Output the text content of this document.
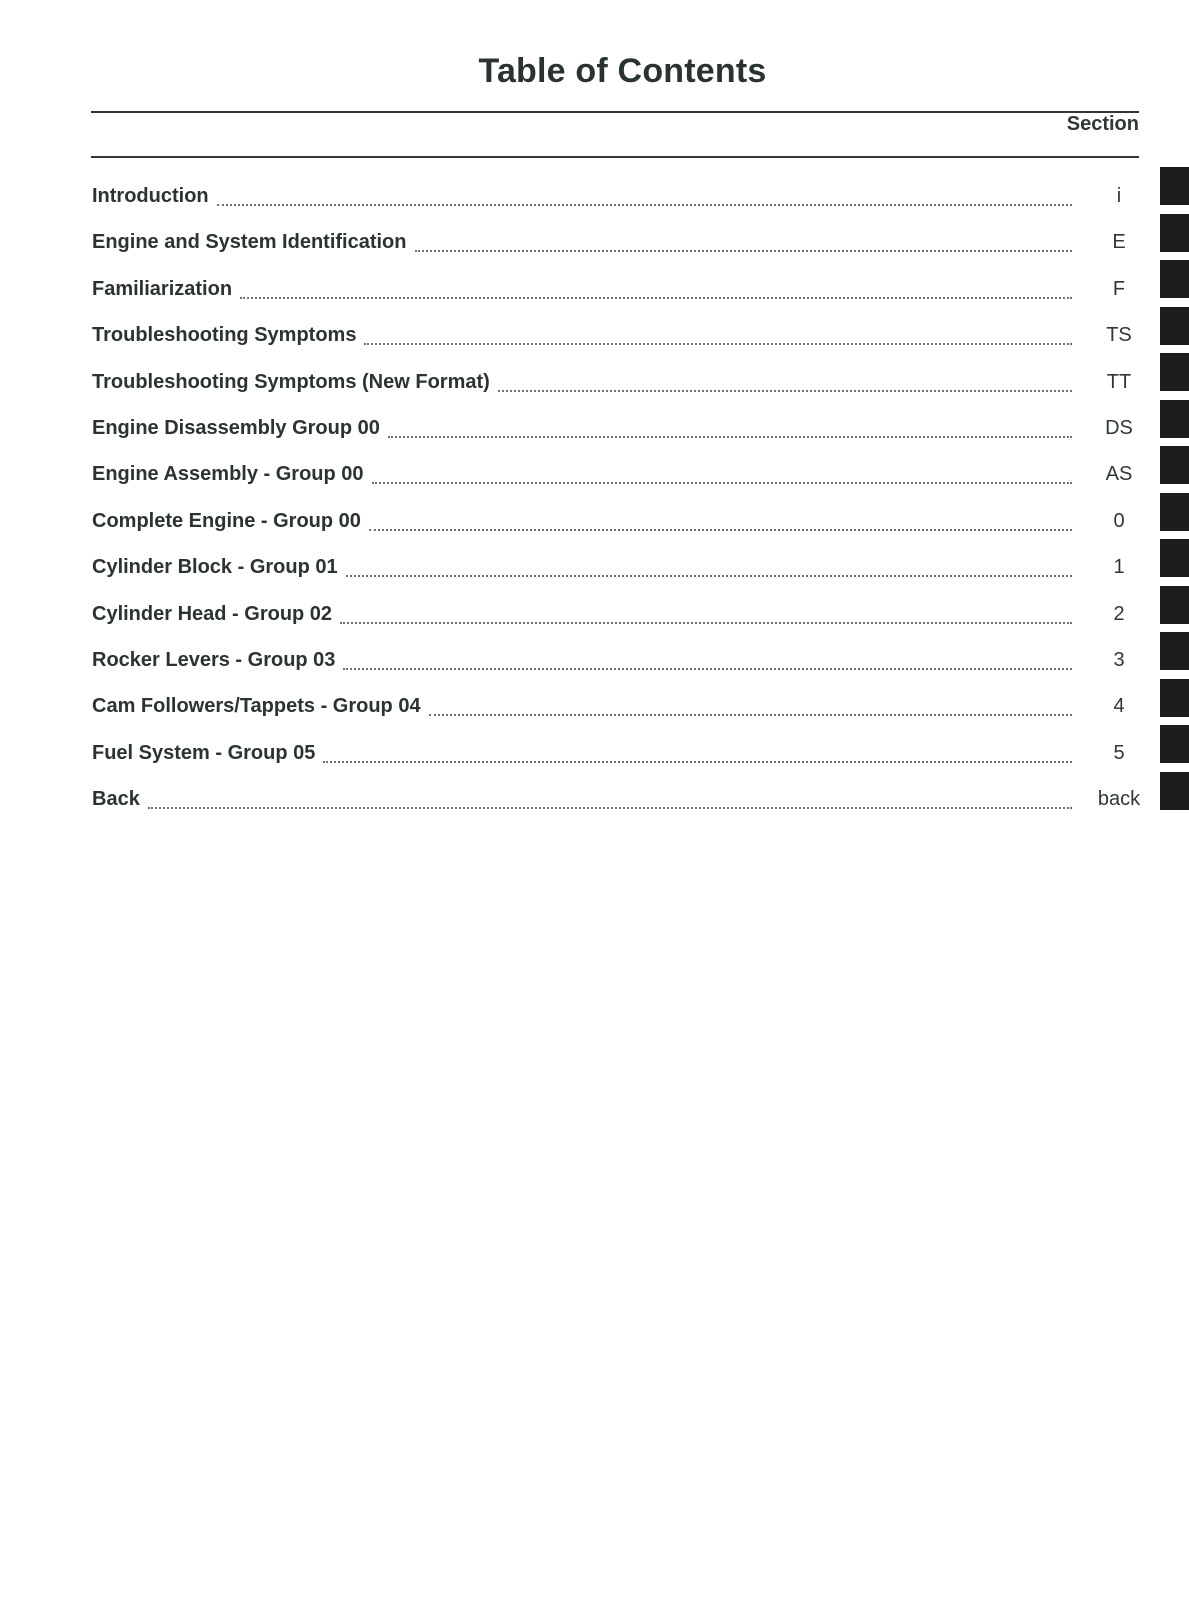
Table of Contents
Section
Introduction	i
Engine and System Identification	E
Familiarization	F
Troubleshooting Symptoms	TS
Troubleshooting Symptoms (New Format)	TT
Engine Disassembly Group 00	DS
Engine Assembly - Group 00	AS
Complete Engine - Group 00	0
Cylinder Block - Group 01	1
Cylinder Head - Group 02	2
Rocker Levers - Group 03	3
Cam Followers/Tappets - Group 04	4
Fuel System - Group 05	5
Back	back
